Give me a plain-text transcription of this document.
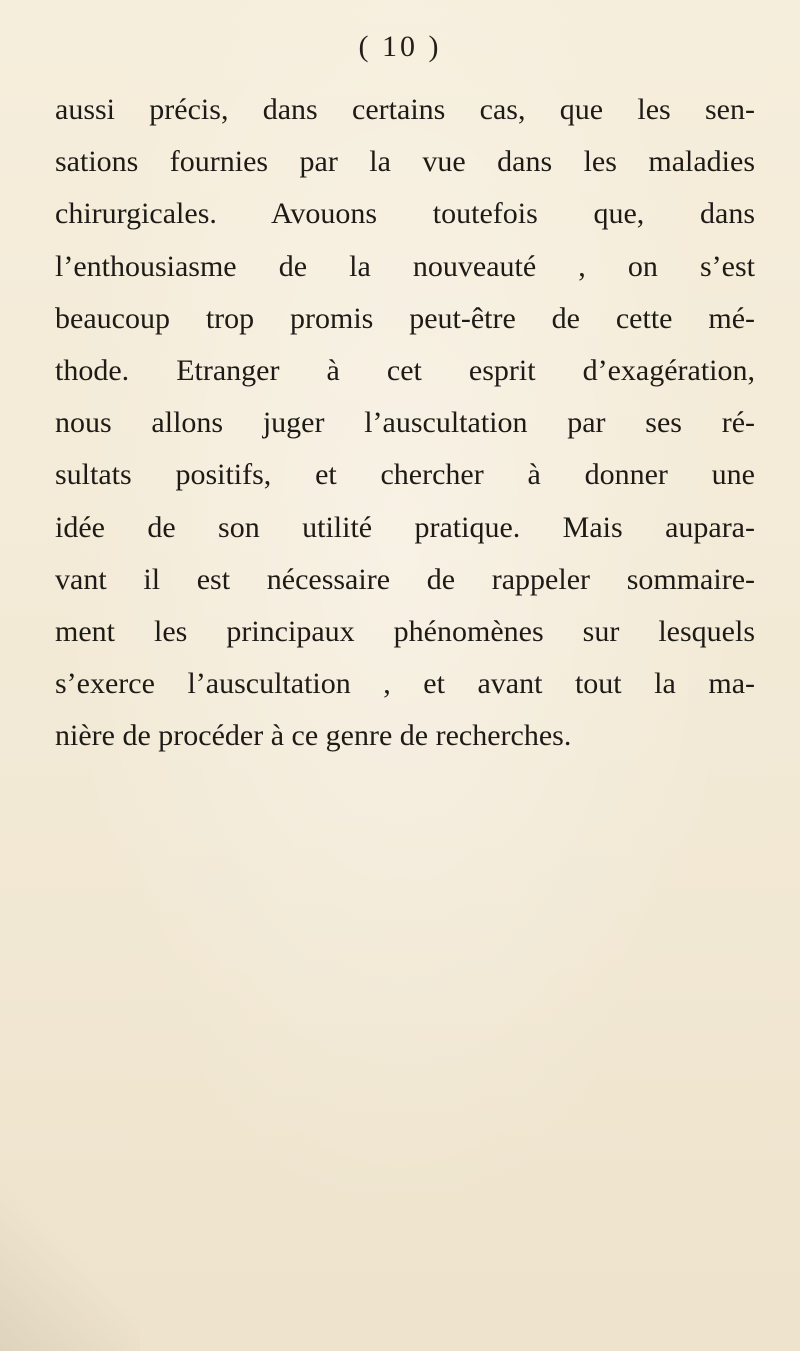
( 10 )
aussi précis, dans certains cas, que les sen-
sations fournies par la vue dans les maladies
chirurgicales. Avouons toutefois que, dans
l’enthousiasme de la nouveauté , on s’est
beaucoup trop promis peut-être de cette mé-
thode. Etranger à cet esprit d’exagération,
nous allons juger l’auscultation par ses ré-
sultats positifs, et chercher à donner une
idée de son utilité pratique. Mais aupara-
vant il est nécessaire de rappeler sommaire-
ment les principaux phénomènes sur lesquels
s’exerce l’auscultation , et avant tout la ma-
nière de procéder à ce genre de recherches.
